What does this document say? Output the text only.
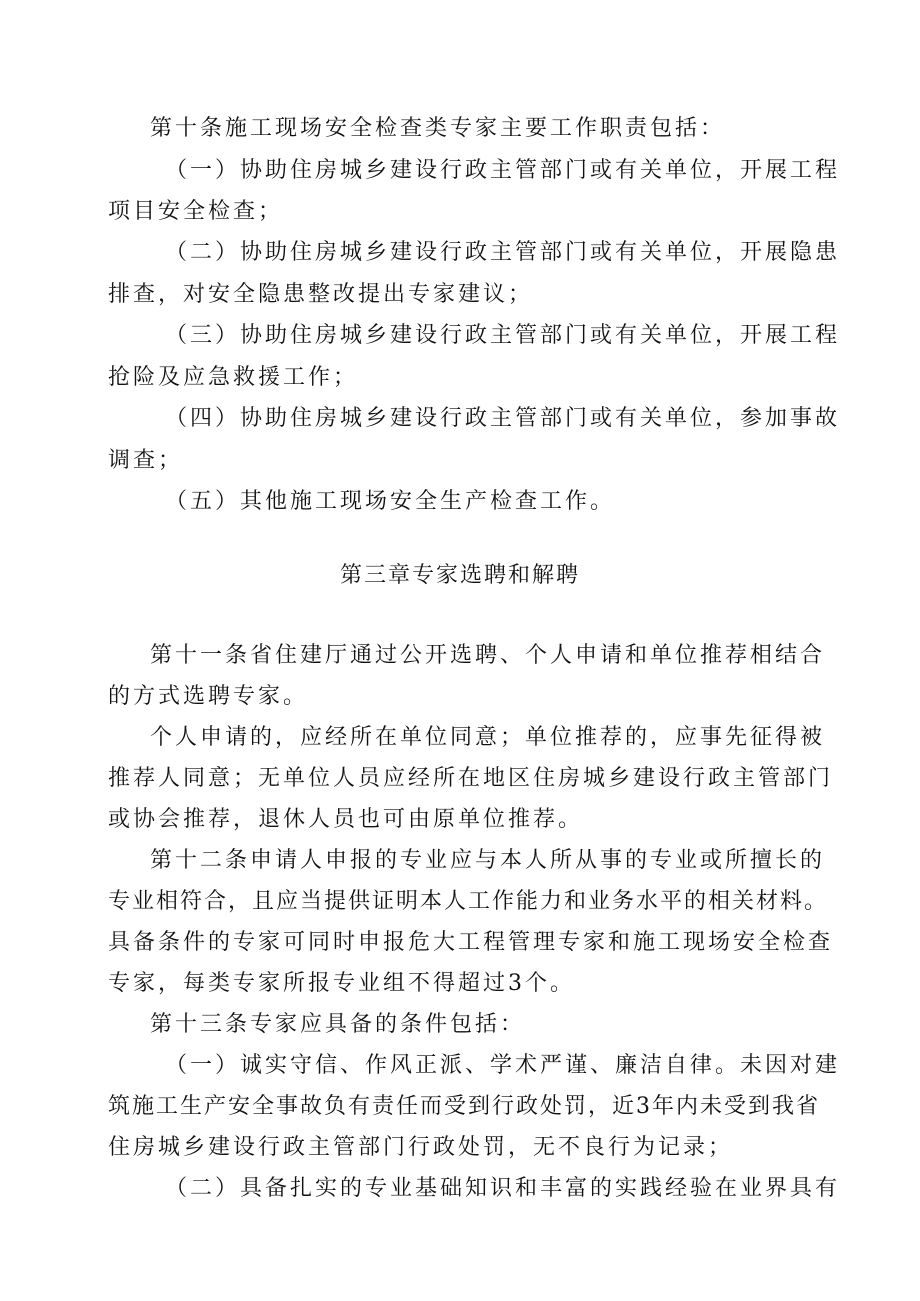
第十条施工现场安全检查类专家主要工作职责包括：
（一）协助住房城乡建设行政主管部门或有关单位，开展工程
项目安全检查；
（二）协助住房城乡建设行政主管部门或有关单位，开展隐患
排查，对安全隐患整改提出专家建议；
（三）协助住房城乡建设行政主管部门或有关单位，开展工程
抢险及应急救援工作；
（四）协助住房城乡建设行政主管部门或有关单位，参加事故
调查；
（五）其他施工现场安全生产检查工作。
第三章专家选聘和解聘
第十一条省住建厅通过公开选聘、个人申请和单位推荐相结合
的方式选聘专家。
个人申请的，应经所在单位同意；单位推荐的，应事先征得被
推荐人同意；无单位人员应经所在地区住房城乡建设行政主管部门
或协会推荐，退休人员也可由原单位推荐。
第十二条申请人申报的专业应与本人所从事的专业或所擅长的
专业相符合，且应当提供证明本人工作能力和业务水平的相关材料。
具备条件的专家可同时申报危大工程管理专家和施工现场安全检查
专家，每类专家所报专业组不得超过3个。
第十三条专家应具备的条件包括：
（一）诚实守信、作风正派、学术严谨、廉洁自律。未因对建
筑施工生产安全事故负有责任而受到行政处罚，近3年内未受到我省
住房城乡建设行政主管部门行政处罚，无不良行为记录；
（二）具备扎实的专业基础知识和丰富的实践经验在业界具有
